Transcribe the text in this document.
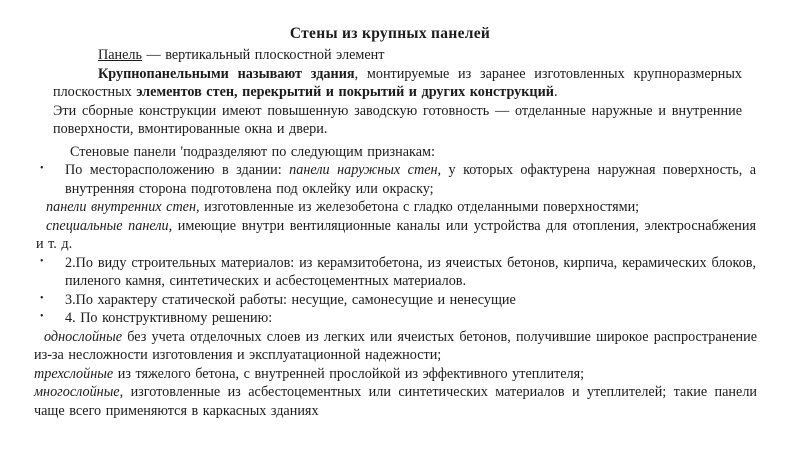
Стены из крупных панелей

Панель — вертикальный плоскостной элемент

Крупнопанельными называют здания, монтируемые из заранее изготовленных крупноразмерных плоскостных элементов стен, перекрытий и покрытий и других конструкций.

Эти сборные конструкции имеют повышенную заводскую готовность — отделанные наружные и внутренние поверхности, вмонтированные окна и двери.

Стеновые панели 'подразделяют по следующим признакам:

• По месторасположению в здании: панели наружных стен, у которых офактурена наружная поверхность, а внутренняя сторона подготовлена под оклейку или окраску;

панели внутренних стен, изготовленные из железобетона с гладко отделанными поверхностями;

специальные панели, имеющие внутри вентиляционные каналы или устройства для отопления, электроснабжения и т. д.

• 2.По виду строительных материалов: из керамзитобетона, из ячеистых бетонов, кирпича, керамических блоков, пиленого камня, синтетических и асбестоцементных материалов.

• 3.По характеру статической работы: несущие, самонесущие и ненесущие

• 4. По конструктивному решению:

однослойные без учета отделочных слоев из легких или ячеистых бетонов, получившие широкое распространение из-за несложности изготовления и эксплуатационной надежности;

трехслойные из тяжелого бетона, с внутренней прослойкой из эффективного утеплителя;

многослойные, изготовленные из асбестоцементных или синтетических материалов и утеплителей; такие панели чаще всего применяются в каркасных зданиях
